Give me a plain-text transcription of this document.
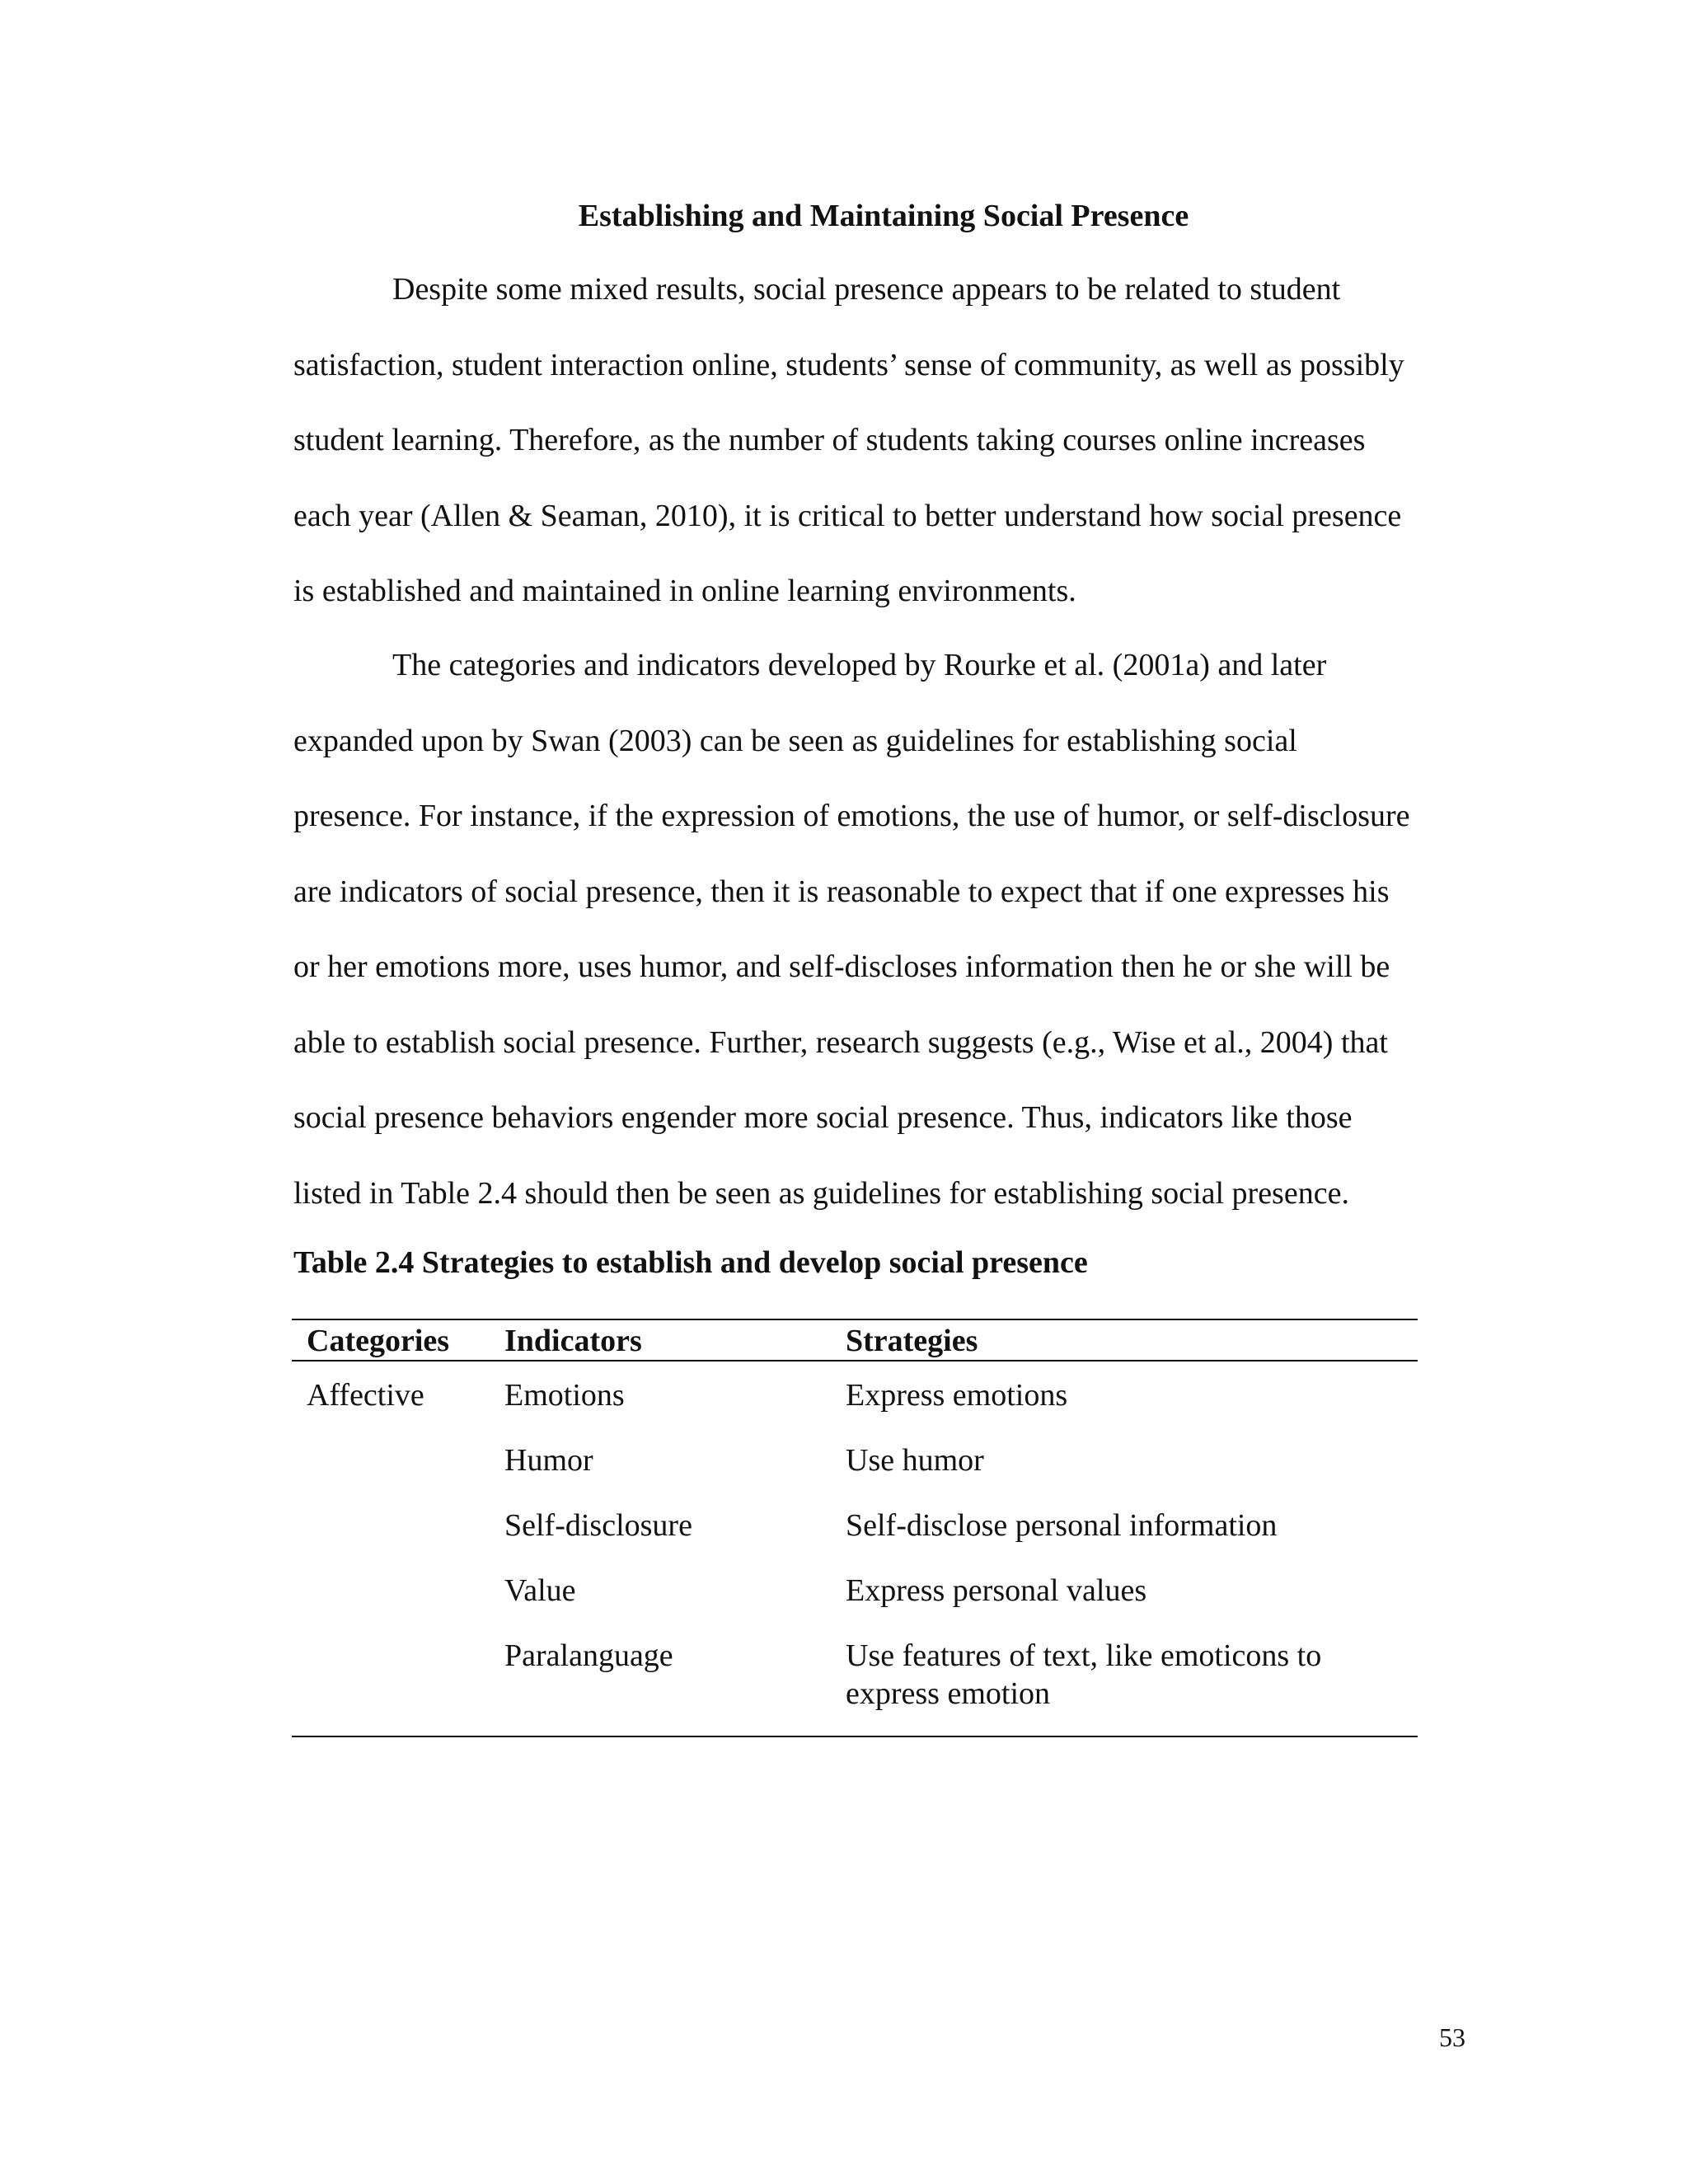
Establishing and Maintaining Social Presence

Despite some mixed results, social presence appears to be related to student
satisfaction, student interaction online, students’ sense of community, as well as possibly
student learning. Therefore, as the number of students taking courses online increases
each year (Allen & Seaman, 2010), it is critical to better understand how social presence
is established and maintained in online learning environments.

The categories and indicators developed by Rourke et al. (2001a) and later
expanded upon by Swan (2003) can be seen as guidelines for establishing social
presence. For instance, if the expression of emotions, the use of humor, or self-disclosure
are indicators of social presence, then it is reasonable to expect that if one expresses his
or her emotions more, uses humor, and self-discloses information then he or she will be
able to establish social presence. Further, research suggests (e.g., Wise et al., 2004) that
social presence behaviors engender more social presence. Thus, indicators like those
listed in Table 2.4 should then be seen as guidelines for establishing social presence.

Table 2.4 Strategies to establish and develop social presence

Categories	Indicators	Strategies
Affective	Emotions	Express emotions
	Humor	Use humor
	Self-disclosure	Self-disclose personal information
	Value	Express personal values
	Paralanguage	Use features of text, like emoticons to express emotion

53
